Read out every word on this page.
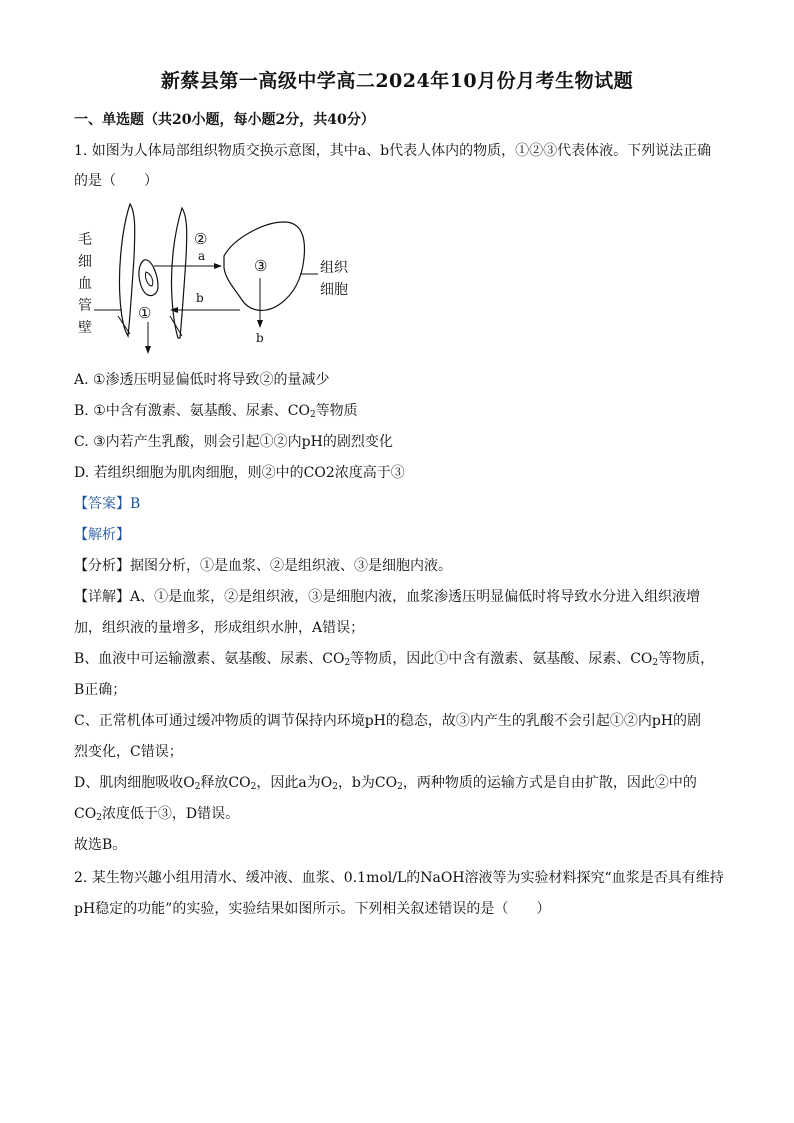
新蔡县第一高级中学高二2024年10月份月考生物试题
一、单选题（共20小题，每小题2分，共40分）
1. 如图为人体局部组织物质交换示意图，其中a、b代表人体内的物质，①②③代表体液。下列说法正确
的是（　　）
毛
细
血
管
壁
a
b
①
②
③
b
组织
细胞
A. ①渗透压明显偏低时将导致②的量减少
B. ①中含有激素、氨基酸、尿素、$CO_2$等物质
C. ③内若产生乳酸，则会引起①②内pH的剧烈变化
D. 若组织细胞为肌肉细胞，则②中的CO2浓度高于③
【答案】B
【解析】
【分析】据图分析，①是血浆、②是组织液、③是细胞内液。
【详解】A、①是血浆，②是组织液，③是细胞内液，血浆渗透压明显偏低时将导致水分进入组织液增
加，组织液的量增多，形成组织水肿，A错误；
B、血液中可运输激素、氨基酸、尿素、$CO_2$等物质，因此①中含有激素、氨基酸、尿素、$CO_2$等物质，
B正确；
C、正常机体可通过缓冲物质的调节保持内环境pH的稳态，故③内产生的乳酸不会引起①②内pH的剧
烈变化，C错误；
D、肌肉细胞吸收$O_2$释放$CO_2$，因此a为$O_2$，b为$CO_2$，两种物质的运输方式是自由扩散，因此②中的
$CO_2$浓度低于③，D错误。
故选B。
2. 某生物兴趣小组用清水、缓冲液、血浆、0.1mol/L的NaOH溶液等为实验材料探究“血浆是否具有维持
pH稳定的功能”的实验，实验结果如图所示。下列相关叙述错误的是（　　）
